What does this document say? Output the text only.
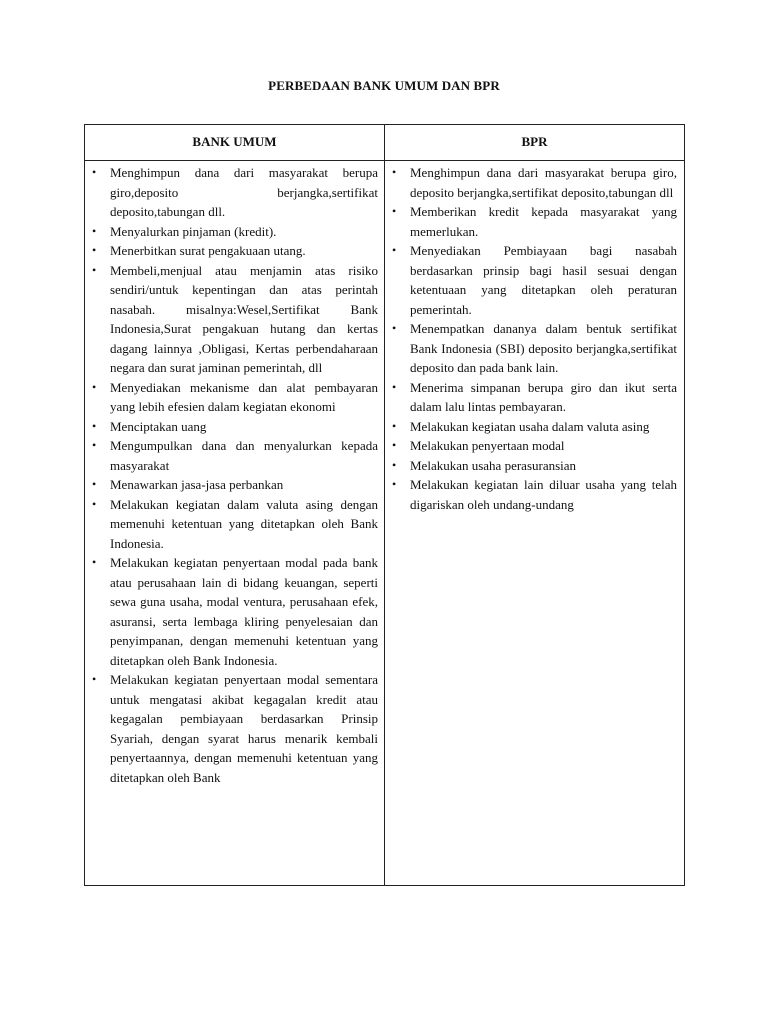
PERBEDAAN BANK UMUM DAN BPR
BANK UMUM	BPR
• Menghimpun dana dari masyarakat berupa giro,deposito berjangka,sertifikat deposito,tabungan dll.
• Menyalurkan pinjaman (kredit).
• Menerbitkan surat pengakuaan utang.
• Membeli,menjual atau menjamin atas risiko sendiri/untuk kepentingan dan atas perintah nasabah. misalnya:Wesel,Sertifikat Bank Indonesia,Surat pengakuan hutang dan kertas dagang lainnya ,Obligasi, Kertas perbendaharaan negara dan surat jaminan pemerintah, dll
• Menyediakan mekanisme dan alat pembayaran yang lebih efesien dalam kegiatan ekonomi
• Menciptakan uang
• Mengumpulkan dana dan menyalurkan kepada masyarakat
• Menawarkan jasa-jasa perbankan
• Melakukan kegiatan dalam valuta asing dengan memenuhi ketentuan yang ditetapkan oleh Bank Indonesia.
• Melakukan kegiatan penyertaan modal pada bank atau perusahaan lain di bidang keuangan, seperti sewa guna usaha, modal ventura, perusahaan efek, asuransi, serta lembaga kliring penyelesaian dan penyimpanan, dengan memenuhi ketentuan yang ditetapkan oleh Bank Indonesia.
• Melakukan kegiatan penyertaan modal sementara untuk mengatasi akibat kegagalan kredit atau kegagalan pembiayaan berdasarkan Prinsip Syariah, dengan syarat harus menarik kembali penyertaannya, dengan memenuhi ketentuan yang ditetapkan oleh Bank
• Menghimpun dana dari masyarakat berupa giro, deposito berjangka,sertifikat deposito,tabungan dll
• Memberikan kredit kepada masyarakat yang memerlukan.
• Menyediakan Pembiayaan bagi nasabah berdasarkan prinsip bagi hasil sesuai dengan ketentuaan yang ditetapkan oleh peraturan pemerintah.
• Menempatkan dananya dalam bentuk sertifikat Bank Indonesia (SBI) deposito berjangka,sertifikat deposito dan pada bank lain.
• Menerima simpanan berupa giro dan ikut serta dalam lalu lintas pembayaran.
• Melakukan kegiatan usaha dalam valuta asing
• Melakukan penyertaan modal
• Melakukan usaha perasuransian
• Melakukan kegiatan lain diluar usaha yang telah digariskan oleh undang-undang
